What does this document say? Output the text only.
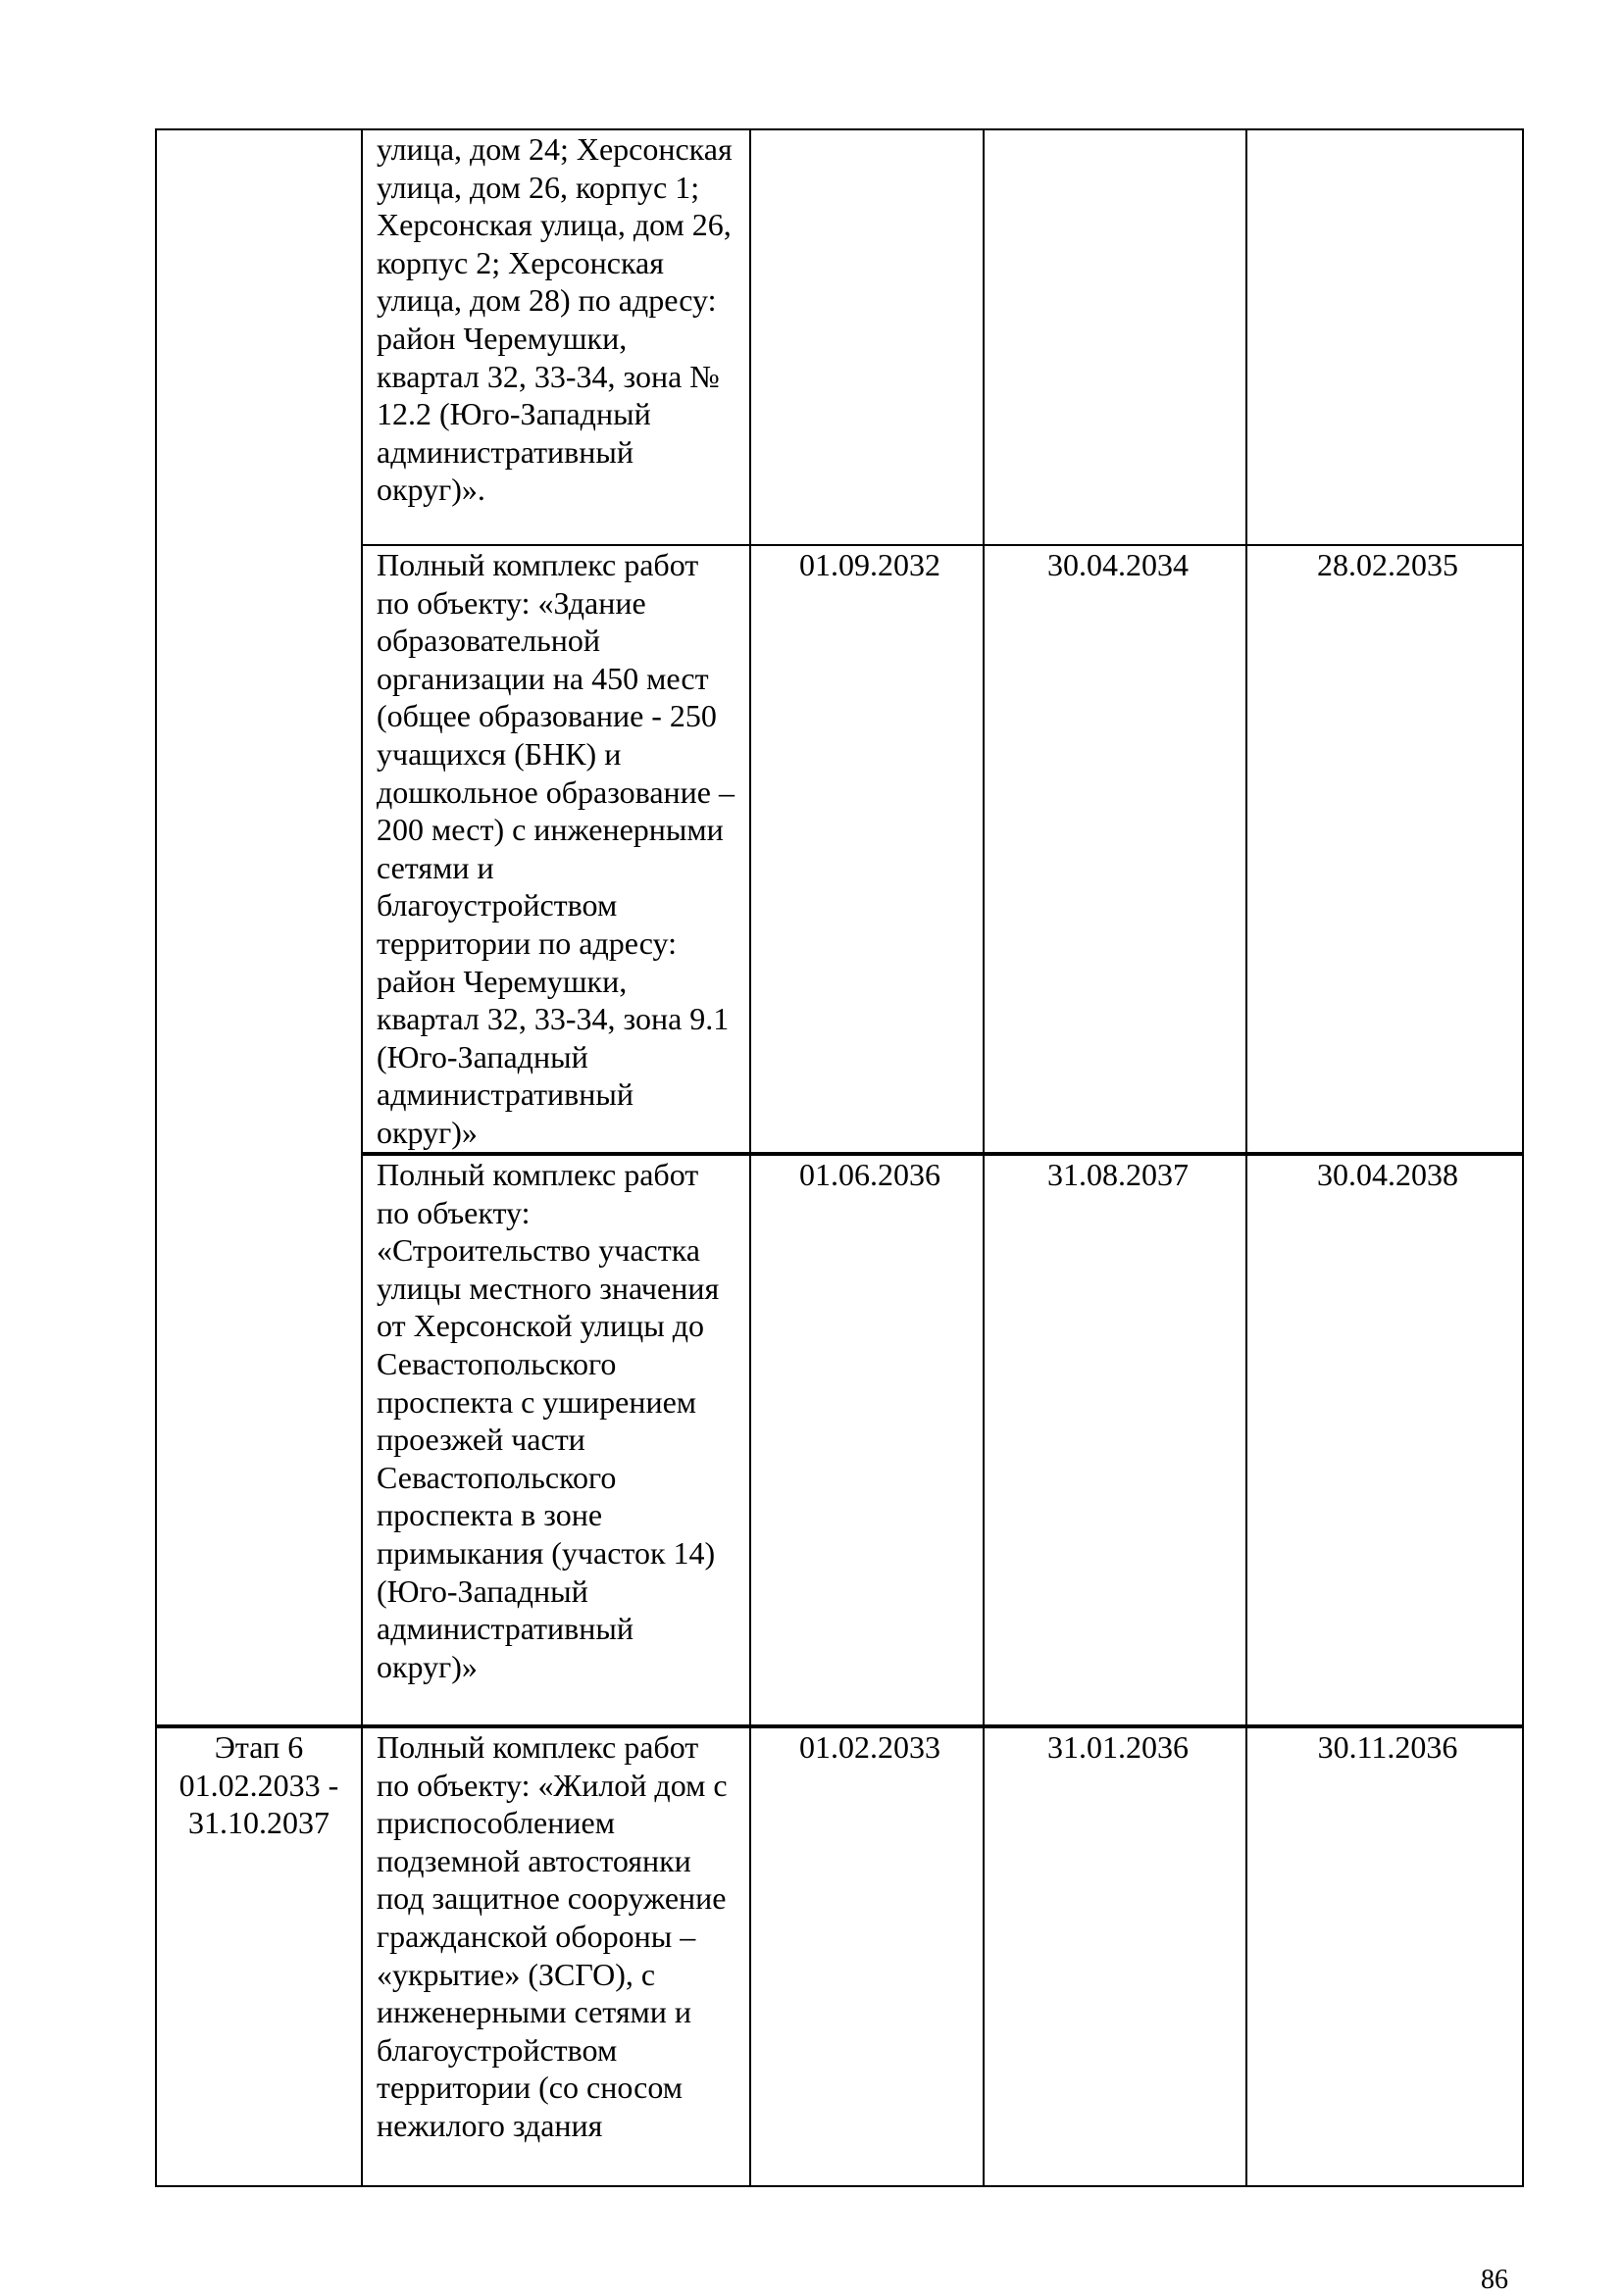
	улица, дом 24; Херсонская улица, дом 26, корпус 1; Херсонская улица, дом 26, корпус 2; Херсонская улица, дом 28) по адресу: район Черемушки, квартал 32, 33-34, зона № 12.2 (Юго-Западный административный округ)».			

	Полный комплекс работ по объекту: «Здание образовательной организации на 450 мест (общее образование - 250 учащихся (БНК) и дошкольное образование – 200 мест) с инженерными сетями и благоустройством территории по адресу: район Черемушки, квартал 32, 33-34, зона 9.1 (Юго-Западный административный округ)»	01.09.2032	30.04.2034	28.02.2035

	Полный комплекс работ по объекту: «Строительство участка улицы местного значения от Херсонской улицы до Севастопольского проспекта с уширением проезжей части Севастопольского проспекта в зоне примыкания (участок 14) (Юго-Западный административный округ)»	01.06.2036	31.08.2037	30.04.2038

Этап 6 01.02.2033 - 31.10.2037	Полный комплекс работ по объекту: «Жилой дом с приспособлением подземной автостоянки под защитное сооружение гражданской обороны – «укрытие» (ЗСГО), с инженерными сетями и благоустройством территории (со сносом нежилого здания	01.02.2033	31.01.2036	30.11.2036
86
